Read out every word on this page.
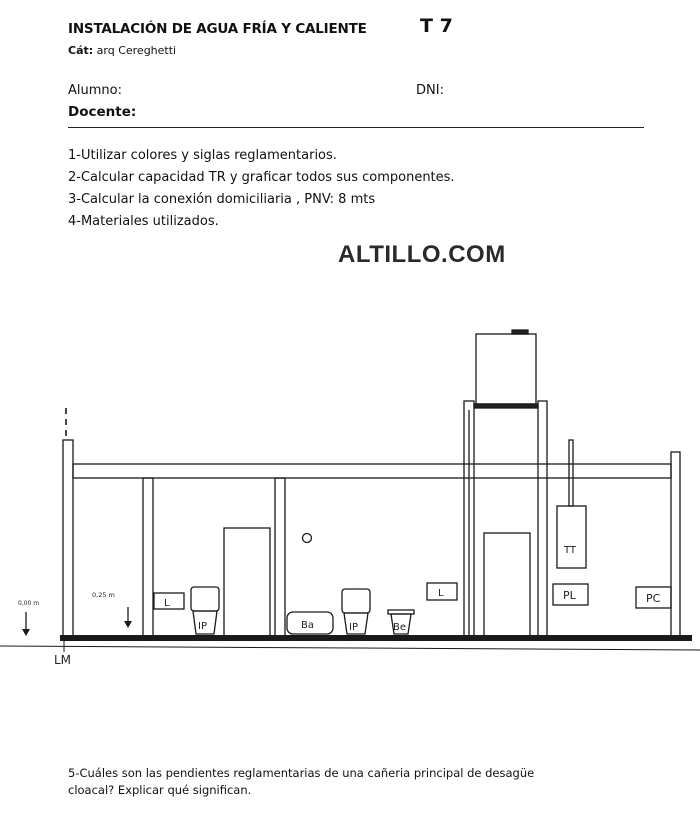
INSTALACIÓN DE AGUA FRÍA Y CALIENTE	T 7
Cát: arq Cereghetti
Alumno:	DNI:
Docente:
1-Utilizar colores y siglas reglamentarios.
2-Calcular capacidad TR y graficar todos sus componentes.
3-Calcular la conexión domiciliaria , PNV: 8 mts
4-Materiales utilizados.
ALTILLO.COM
0,00 m
0,25 m
LM
L
IP	Ba	IP	Be
L
TT
PL	PC
5-Cuáles son las pendientes reglamentarias de una cañeria principal de desagüe
cloacal? Explicar qué significan.
